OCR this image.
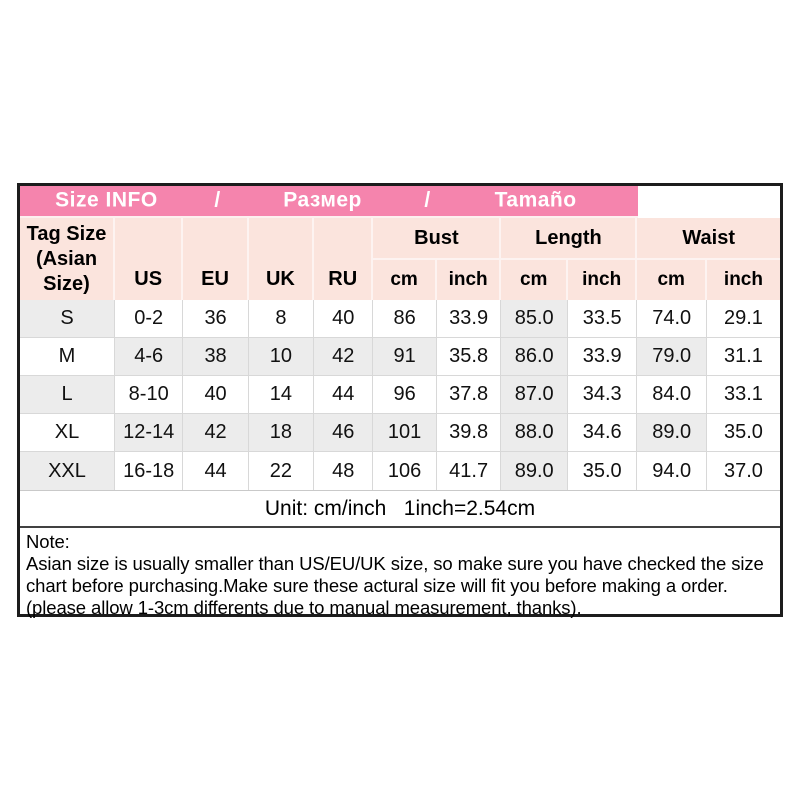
Size INFO	/	Размер	/	Tamaño
Tag Size
(Asian
Size)	US	EU	UK	RU
Bust	Length	Waist
cm	inch	cm	inch	cm	inch
S	0-2	36	8	40	86	33.9	85.0	33.5	74.0	29.1
M	4-6	38	10	42	91	35.8	86.0	33.9	79.0	31.1
L	8-10	40	14	44	96	37.8	87.0	34.3	84.0	33.1
XL	12-14	42	18	46	101	39.8	88.0	34.6	89.0	35.0
XXL	16-18	44	22	48	106	41.7	89.0	35.0	94.0	37.0
Unit: cm/inch   1inch=2.54cm
Note:
Asian size is usually smaller than US/EU/UK size, so make sure you have checked the size chart before purchasing.Make sure these actural size will fit you before making a order.(please allow 1-3cm differents due to manual measurement, thanks).
